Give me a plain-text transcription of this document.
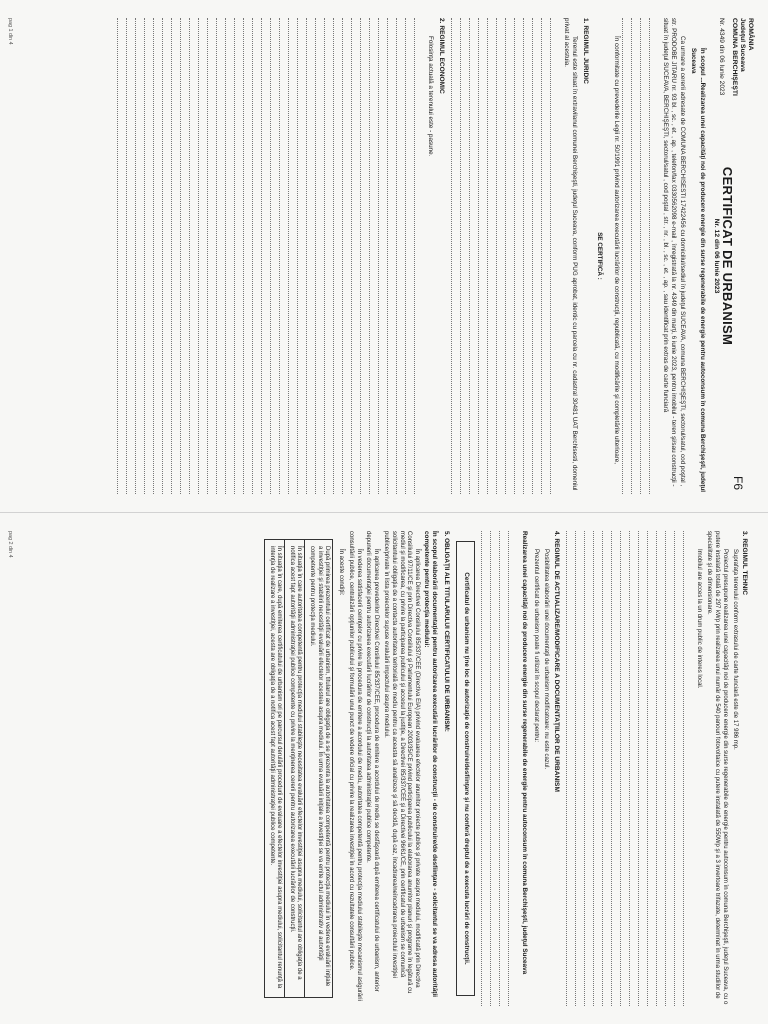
ROMÂNIA
Judeţul Suceava
COMUNA BERCHIŞEŞTI
Nr. 4349 din 06 Iunie 2023
F6
CERTIFICAT DE URBANISM
Nr. 12 din 06 Iunie 2023
În scopul ...Realizarea unei capacităţi noi de producere energie din surse regenerabile de energie pentru autoconsum în comuna Berchişeşti, judeţul Suceava
Ca urmare a cererii adresate de COMUNA BERCHISESTI 17422456 cu domiciliul/sediul în judeţul SUCEAVA, comuna BERCHIŞEŞTI, sectorul/satul, cod poştal , str. PRODOBE JITARU nr. 93 bl. , sc. , et. , ap. , telefon/fax 0330562098 e-mail , înregistrată la nr. 4349 din marţi, 6 iunie 2023, pentru imobilul - teren şi/sau construcţii - situat în judeţul SUCEAVA, BERCHIŞEŞTI, sectorul/satul , cod poştal , str. , nr. , bl. , sc. , et. , ap. , sau identificat prin extras de carte funciară
În conformitate cu prevederile Legii nr. 50/1991 privind autorizarea executării lucrărilor de construcţii, republicată, cu modificările şi completările ulterioare,
SE CERTIFICĂ :
1. REGIMUL JURIDIC
Terenul este situat în extravilanul comunei Berchişeşti, judeţul Suceava, conform PUG aprobat, identic cu parcela cu nr. cadastral 30481 UAT Berchisesti, domeniul privat al acestuia.
2. REGIMUL ECONOMIC
Folosinţa actuală a terenului este - pasune.
pag 1 din 4
3. REGIMUL TEHNIC
Suprafaţa terenului conform extrasului de carte funciară este de 17 986 mp.
Proiectul presupune realizarea unei capacităţi noi de producere energie din surse regenerabile de energie pentru autoconsum în comuna Berchişeşti, judeţul Suceava, cu o putere instalată totală de 297 kWp prin realizarea unui număr de 540 panouri fotovoltaice cu putere instalată de 550Wp şi a 3 invertoare trifazate, determinat în urma studiilor de specialitate şi de dimensionare.
Imobilul are acces la un drum public de interes local.
4. REGIMUL DE ACTUALIZARE/MODIFICARE A DOCUMENTAŢIILOR DE URBANISM
Posibilitatea elaborării unei documentaţii de urbanism modificatoare: nu este cazul.
Prezentul certificat de urbanism poate fi utilizat în scopul declarat pentru:
Realizarea unei capacităţi noi de producere energie din surse regenerabile de energie pentru autoconsum în comuna Berchişeşti, judeţul Suceava
Certificatul de urbanism nu ţine loc de autorizaţie de construire/desfiinţare şi nu conferă dreptul de a executa lucrări de construcţii.
5. OBLIGAŢII ALE TITULARULUI CERTIFICATULUI DE URBANISM:
În scopul elaborării documentaţiei pentru autorizarea executării lucrărilor de construcţii - de construire/de desfiinţare - solicitantul se va adresa autorităţii competente pentru protecţia mediului:
În aplicarea Directivei Consiliului 85/337/CEE (Directiva EIA) privind evaluarea efectelor anumitor proiecte publice şi private asupra mediului, modificată prin Directiva Consiliului 97/11/CE şi prin Directiva Consiliului şi Parlamentului European 2003/35/CE privind participarea publicului la elaborarea anumitor planuri şi programe în legătură cu mediul şi modificarea, cu privire la participarea publicului şi accesul la justiţie, a Directivei 85/337/CEE şi a Directivei 96/61/CE, prin certificatul de urbanism se comunică solicitantului obligaţia de a contacta autoritatea teritorială de mediu pentru ca aceasta să analizeze şi să decidă, după caz, încadrarea/neîncadrarea proiectului investiţiei publice/private în lista proiectelor supuse evaluării impactului asupra mediului.
În aplicarea prevederilor Directivei Consiliului 85/337/CEE, procedura de emitere a acordului de mediu se desfăşoară după emiterea certificatului de urbanism, anterior depunerii documentaţiei pentru autorizarea executării lucrărilor de construcţii la autoritatea administraţiei publice competente.
În vederea satisfacerii cerinţelor cu privire la procedura de emitere a acordului de mediu, autoritatea competentă pentru protecţia mediului stabileşte mecanismul asigurării consultării publice, centralizării opţiunilor publicului şi formulării unui punct de vedere oficial cu privire la realizarea investiţiei în acord cu rezultatele consultării publice.
În aceste condiţii:
După primirea prezentului certificat de urbanism, titularul are obligaţia de a se prezenta la autoritatea competentă pentru protecţia mediului în vederea evaluării iniţiale a investiţiei şi stabilirii necesităţii evaluării efectelor acesteia asupra mediului. În urma evaluării iniţiale a investiţiei se va emite actul administrativ al autorităţii competente pentru protecţia mediului.
În situaţia în care autoritatea competentă pentru protecţia mediului stabileşte necesitatea evaluării efectelor investiţiei asupra mediului, solicitantul are obligaţia de a notifica acest fapt autorităţii administraţiei publice competente cu privire la menţinerea cererii pentru autorizarea executării lucrărilor de construcţii.
În situaţia în care, după emiterea certificatului de urbanism ori pe parcursul derulării procedurii de evaluare a efectelor investiţiei asupra mediului, solicitantul renunţă la intenţia de realizare a investiţiei, acesta are obligaţia de a notifica acest fapt autorităţii administraţiei publice competente.
pag 2 din 4
